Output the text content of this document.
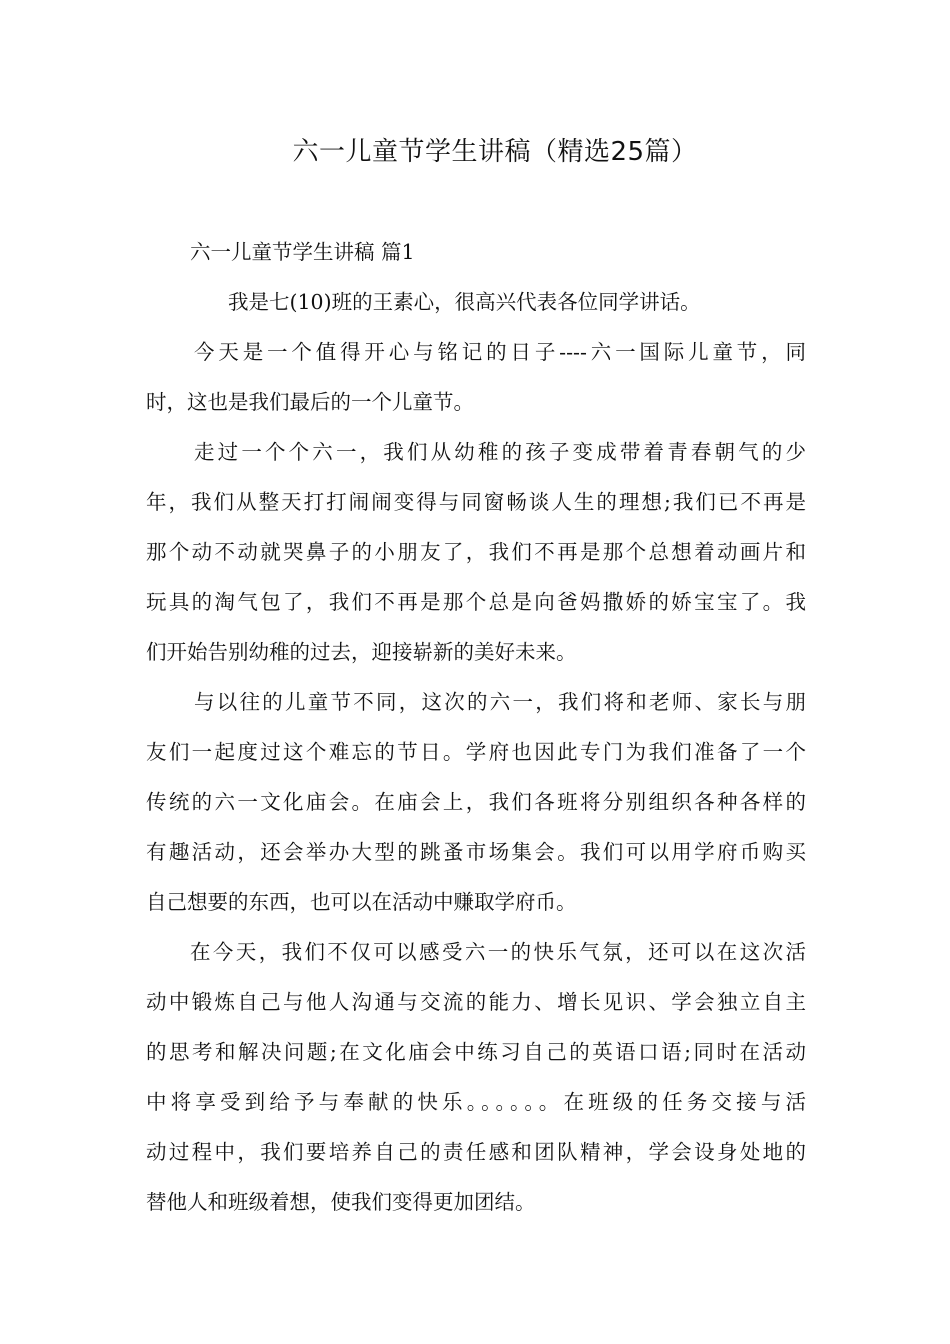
六一儿童节学生讲稿（精选25篇）
六一儿童节学生讲稿 篇1
我是七(10)班的王素心，很高兴代表各位同学讲话。
今天是一个值得开心与铭记的日子----六一国际儿童节，同
时，这也是我们最后的一个儿童节。
走过一个个六一，我们从幼稚的孩子变成带着青春朝气的少
年，我们从整天打打闹闹变得与同窗畅谈人生的理想;我们已不再是
那个动不动就哭鼻子的小朋友了，我们不再是那个总想着动画片和
玩具的淘气包了，我们不再是那个总是向爸妈撒娇的娇宝宝了。我
们开始告别幼稚的过去，迎接崭新的美好未来。
与以往的儿童节不同，这次的六一，我们将和老师、家长与朋
友们一起度过这个难忘的节日。学府也因此专门为我们准备了一个
传统的六一文化庙会。在庙会上，我们各班将分别组织各种各样的
有趣活动，还会举办大型的跳蚤市场集会。我们可以用学府币购买
自己想要的东西，也可以在活动中赚取学府币。
在今天，我们不仅可以感受六一的快乐气氛，还可以在这次活
动中锻炼自己与他人沟通与交流的能力、增长见识、学会独立自主
的思考和解决问题;在文化庙会中练习自己的英语口语;同时在活动
中将享受到给予与奉献的快乐。。。。。。在班级的任务交接与活
动过程中，我们要培养自己的责任感和团队精神，学会设身处地的
替他人和班级着想，使我们变得更加团结。
